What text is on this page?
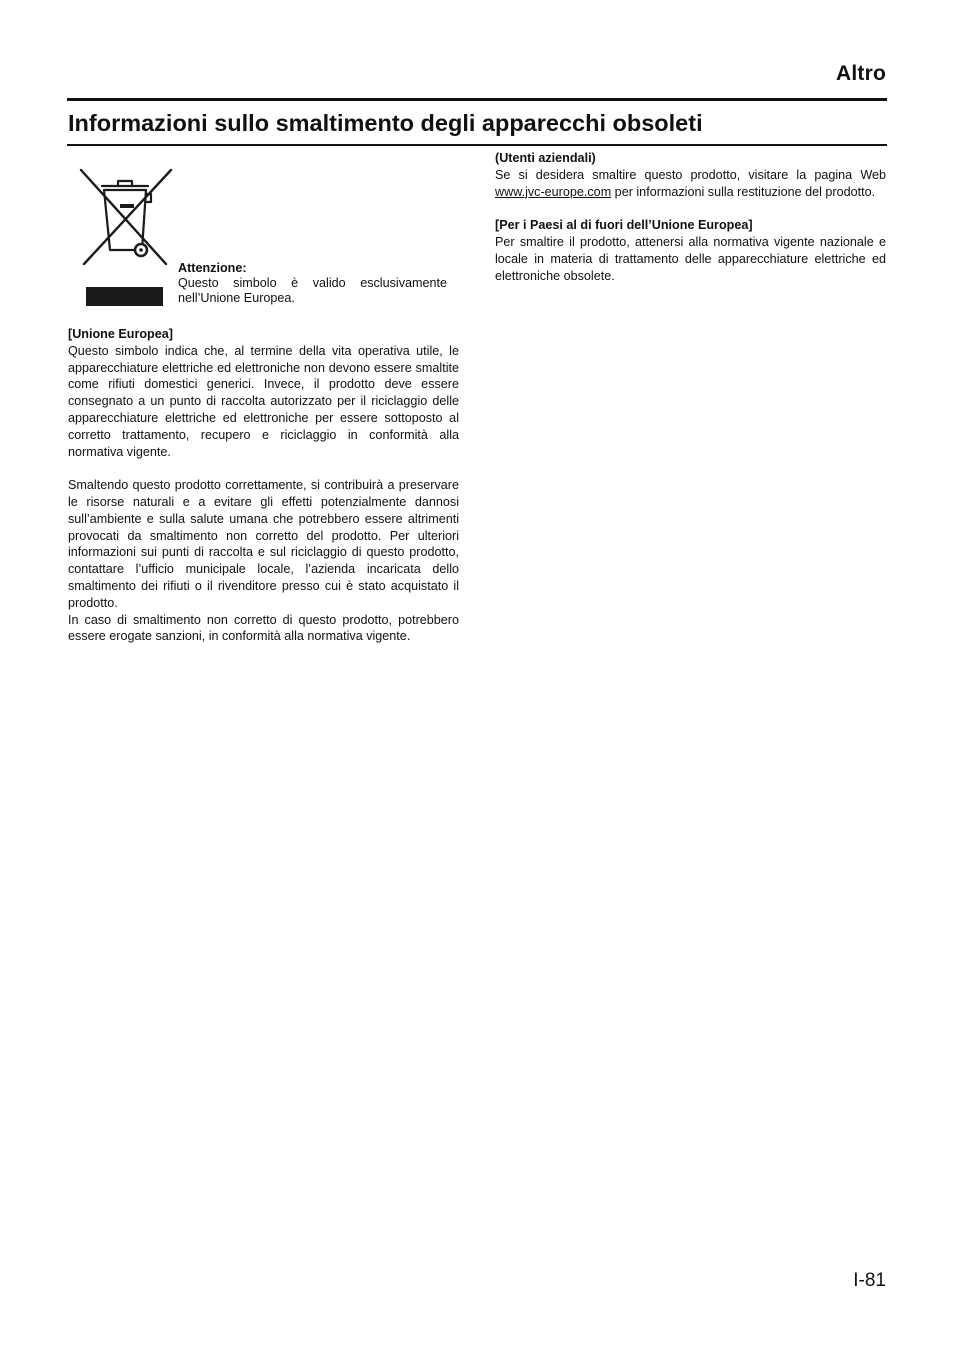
Altro
Informazioni sullo smaltimento degli apparecchi obsoleti
Attenzione:
Questo simbolo è valido esclusivamente nell’Unione Europea.
[Unione Europea]

Questo simbolo indica che, al termine della vita operativa utile, le apparecchiature elettriche ed elettroniche non devono essere smaltite come rifiuti domestici generici. Invece, il prodotto deve essere consegnato a un punto di raccolta autorizzato per il riciclaggio delle apparecchiature elettriche ed elettroniche per essere sottoposto al corretto trattamento, recupero e riciclaggio in conformità alla normativa vigente.

Smaltendo questo prodotto correttamente, si contribuirà a preservare le risorse naturali e a evitare gli effetti potenzialmente dannosi sull’ambiente e sulla salute umana che potrebbero essere altrimenti provocati da smaltimento non corretto del prodotto. Per ulteriori informazioni sui punti di raccolta e sul riciclaggio di questo prodotto, contattare l’ufficio municipale locale, l’azienda incaricata dello smaltimento dei rifiuti o il rivenditore presso cui è stato acquistato il prodotto.

In caso di smaltimento non corretto di questo prodotto, potrebbero essere erogate sanzioni, in conformità alla normativa vigente.

(Utenti aziendali)

Se si desidera smaltire questo prodotto, visitare la pagina Web www.jvc-europe.com per informazioni sulla restituzione del prodotto.

[Per i Paesi al di fuori dell’Unione Europea]

Per smaltire il prodotto, attenersi alla normativa vigente nazionale e locale in materia di trattamento delle apparecchiature elettriche ed elettroniche obsolete.

I-81
